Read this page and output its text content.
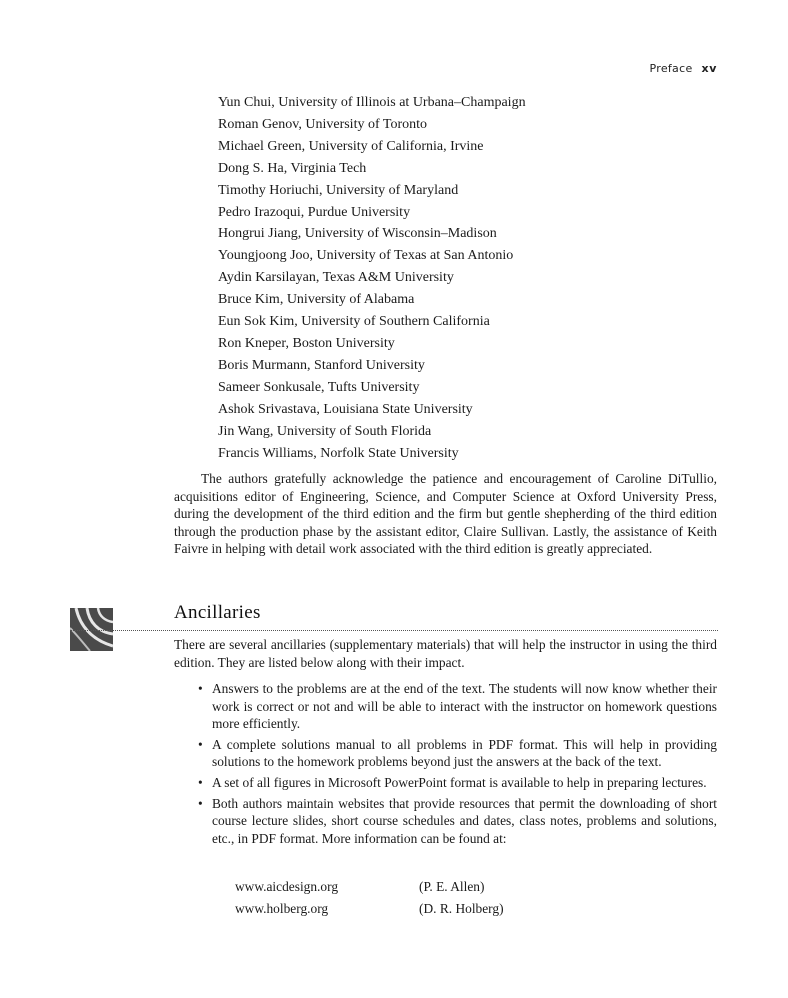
Preface xv
Yun Chui, University of Illinois at Urbana–Champaign
Roman Genov, University of Toronto
Michael Green, University of California, Irvine
Dong S. Ha, Virginia Tech
Timothy Horiuchi, University of Maryland
Pedro Irazoqui, Purdue University
Hongrui Jiang, University of Wisconsin–Madison
Youngjoong Joo, University of Texas at San Antonio
Aydin Karsilayan, Texas A&M University
Bruce Kim, University of Alabama
Eun Sok Kim, University of Southern California
Ron Kneper, Boston University
Boris Murmann, Stanford University
Sameer Sonkusale, Tufts University
Ashok Srivastava, Louisiana State University
Jin Wang, University of South Florida
Francis Williams, Norfolk State University

The authors gratefully acknowledge the patience and encouragement of Caroline DiTullio, acquisitions editor of Engineering, Science, and Computer Science at Oxford University Press, during the development of the third edition and the firm but gentle shepherding of the third edition through the production phase by the assistant editor, Claire Sullivan. Lastly, the assistance of Keith Faivre in helping with detail work associated with the third edition is greatly appreciated.

Ancillaries

There are several ancillaries (supplementary materials) that will help the instructor in using the third edition. They are listed below along with their impact.

• Answers to the problems are at the end of the text. The students will now know whether their work is correct or not and will be able to interact with the instructor on homework questions more efficiently.
• A complete solutions manual to all problems in PDF format. This will help in providing solutions to the homework problems beyond just the answers at the back of the text.
• A set of all figures in Microsoft PowerPoint format is available to help in preparing lectures.
• Both authors maintain websites that provide resources that permit the downloading of short course lecture slides, short course schedules and dates, class notes, problems and solutions, etc., in PDF format. More information can be found at:
www.aicdesign.org	(P. E. Allen)
www.holberg.org	(D. R. Holberg)
